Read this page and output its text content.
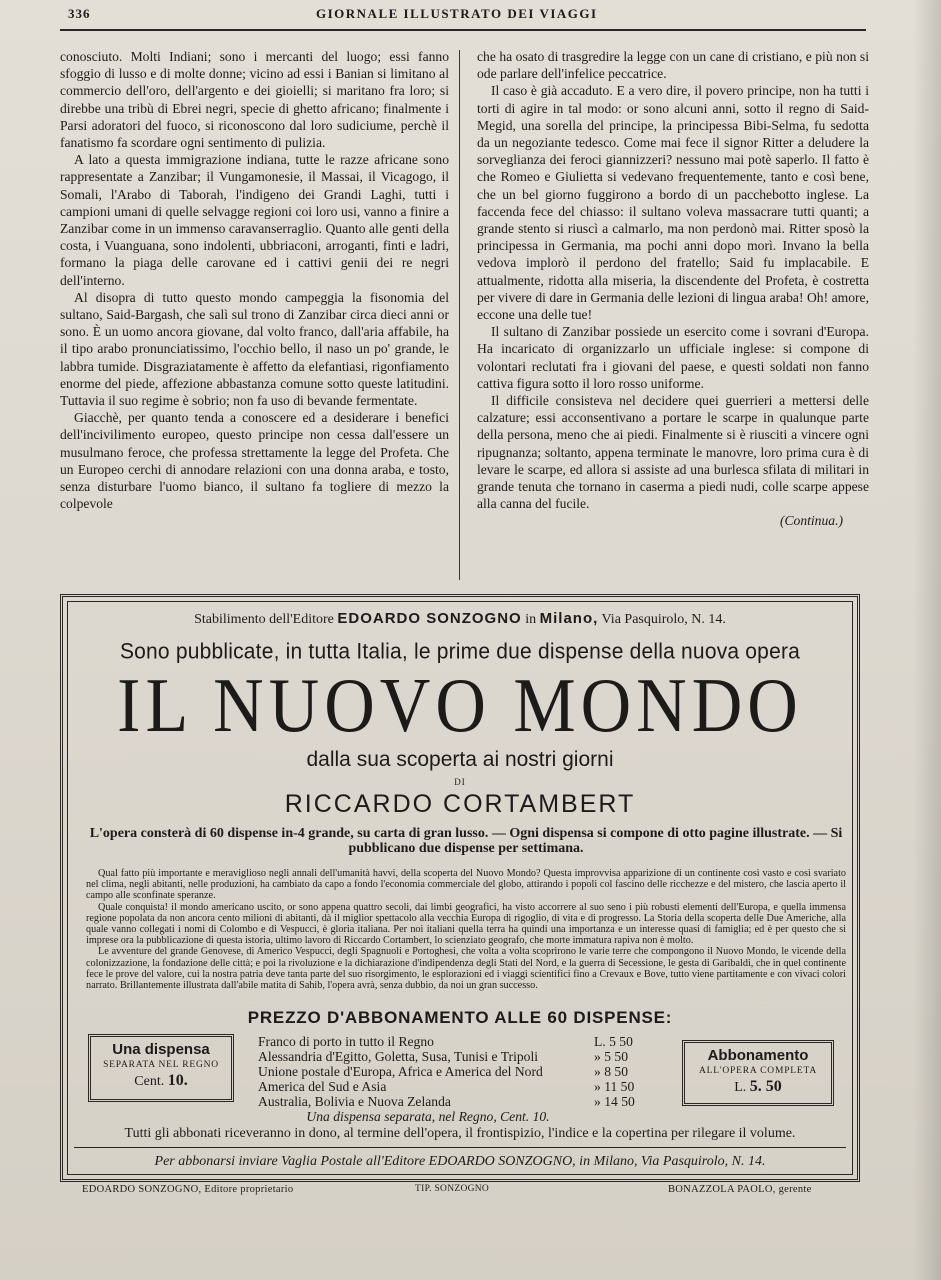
336	GIORNALE ILLUSTRATO DEI VIAGGI

conosciuto. Molti Indiani; sono i mercanti del luogo; essi fanno sfoggio di lusso e di molte donne; vicino ad essi i Banian si limitano al commercio dell'oro, dell'argento e dei gioielli; si maritano fra loro; si direbbe una tribù di Ebrei negri, specie di ghetto africano; finalmente i Parsi adoratori del fuoco, si riconoscono dal loro sudiciume, perchè il fanatismo fa scordare ogni sentimento di pulizia.

A lato a questa immigrazione indiana, tutte le razze africane sono rappresentate a Zanzibar; il Vungamonesie, il Massai, il Vicagogo, il Somali, l'Arabo di Taborah, l'indigeno dei Grandi Laghi, tutti i campioni umani di quelle selvagge regioni coi loro usi, vanno a finire a Zanzibar come in un immenso caravanserraglio. Quanto alle genti della costa, i Vuanguana, sono indolenti, ubbriaconi, arroganti, finti e ladri, formano la piaga delle carovane ed i cattivi genii dei re negri dell'interno.

Al disopra di tutto questo mondo campeggia la fisonomia del sultano, Said-Bargash, che salì sul trono di Zanzibar circa dieci anni or sono. È un uomo ancora giovane, dal volto franco, dall'aria affabile, ha il tipo arabo pronunciatissimo, l'occhio bello, il naso un po' grande, le labbra tumide. Disgraziatamente è affetto da elefantiasi, rigonfiamento enorme del piede, affezione abbastanza comune sotto queste latitudini. Tuttavia il suo regime è sobrio; non fa uso di bevande fermentate.

Giacchè, per quanto tenda a conoscere ed a desiderare i benefici dell'incivilimento europeo, questo principe non cessa dall'essere un musulmano feroce, che professa strettamente la legge del Profeta. Che un Europeo cerchi di annodare relazioni con una donna araba, e tosto, senza disturbare l'uomo bianco, il sultano fa togliere di mezzo la colpevole

che ha osato di trasgredire la legge con un cane di cristiano, e più non si ode parlare dell'infelice peccatrice.

Il caso è già accaduto. E a vero dire, il povero principe, non ha tutti i torti di agire in tal modo: or sono alcuni anni, sotto il regno di Said-Megid, una sorella del principe, la principessa Bibi-Selma, fu sedotta da un negoziante tedesco. Come mai fece il signor Ritter a deludere la sorveglianza dei feroci giannizzeri? nessuno mai potè saperlo. Il fatto è che Romeo e Giulietta si vedevano frequentemente, tanto e così bene, che un bel giorno fuggirono a bordo di un pacchebotto inglese. La faccenda fece del chiasso: il sultano voleva massacrare tutti quanti; a grande stento si riuscì a calmarlo, ma non perdonò mai. Ritter sposò la principessa in Germania, ma pochi anni dopo morì. Invano la bella vedova implorò il perdono del fratello; Said fu implacabile. E attualmente, ridotta alla miseria, la discendente del Profeta, è costretta per vivere di dare in Germania delle lezioni di lingua araba! Oh! amore, eccone una delle tue!

Il sultano di Zanzibar possiede un esercito come i sovrani d'Europa. Ha incaricato di organizzarlo un ufficiale inglese: si compone di volontari reclutati fra i giovani del paese, e questi soldati non fanno cattiva figura sotto il loro rosso uniforme.

Il difficile consisteva nel decidere quei guerrieri a mettersi delle calzature; essi acconsentivano a portare le scarpe in qualunque parte della persona, meno che ai piedi. Finalmente si è riusciti a vincere ogni ripugnanza; soltanto, appena terminate le manovre, loro prima cura è di levare le scarpe, ed allora si assiste ad una burlesca sfilata di militari in grande tenuta che tornano in caserma a piedi nudi, colle scarpe appese alla canna del fucile.

(Continua.)
Stabilimento dell'Editore EDOARDO SONZOGNO in Milano, Via Pasquirolo, N. 14.
Sono pubblicate, in tutta Italia, le prime due dispense della nuova opera
IL NUOVO MONDO
dalla sua scoperta ai nostri giorni
DI
RICCARDO CORTAMBERT
L'opera consterà di 60 dispense in-4 grande, su carta di gran lusso. — Ogni dispensa si compone di otto pagine illustrate. — Si pubblicano due dispense per settimana.

Qual fatto più importante e meraviglioso negli annali dell'umanità havvi, della scoperta del Nuovo Mondo? Questa improvvisa apparizione di un continente così vasto e così svariato nel clima, negli abitanti, nelle produzioni, ha cambiato da capo a fondo l'economia commerciale del globo, attirando i popoli col fascino delle ricchezze e del mistero, che lascia aperto il campo alle sconfinate speranze.

Quale conquista! il mondo americano uscito, or sono appena quattro secoli, dai limbi geografici, ha visto accorrere al suo seno i più robusti elementi dell'Europa, e quella immensa regione popolata da non ancora cento milioni di abitanti, dà il miglior spettacolo alla vecchia Europa di rigoglio, di vita e di progresso. La Storia della scoperta delle Due Americhe, alla quale vanno collegati i nomi di Colombo e di Vespucci, è gloria italiana. Per noi italiani quella terra ha quindi una importanza e un interesse quasi di famiglia; ed è per questo che si imprese ora la pubblicazione di questa istoria, ultimo lavoro di Riccardo Cortambert, lo scienziato geografo, che morte immatura rapiva non è molto.

Le avventure del grande Genovese, di Americo Vespucci, degli Spagnuoli e Portoghesi, che volta a volta scoprirono le varie terre che compongono il Nuovo Mondo, le vicende della colonizzazione, la fondazione delle città; e poi la rivoluzione e la dichiarazione d'indipendenza degli Stati del Nord, e la guerra di Secessione, le gesta di Garibaldi, che in quel continente fece le prove del valore, cui la nostra patria deve tanta parte del suo risorgimento, le esplorazioni ed i viaggi scientifici fino a Crevaux e Bove, tutto viene partitamente e con vivaci colori narrato. Brillantemente illustrata dall'abile matita di Sahib, l'opera avrà, senza dubbio, da noi un gran successo.

PREZZO D'ABBONAMENTO ALLE 60 DISPENSE:
Una dispensa
SEPARATA NEL REGNO
Cent. 10.
Franco di porto in tutto il Regno	L. 5 50
Alessandria d'Egitto, Goletta, Susa, Tunisi e Tripoli	» 5 50
Unione postale d'Europa, Africa e America del Nord	» 8 50
America del Sud e Asia	» 11 50
Australia, Bolivia e Nuova Zelanda	» 14 50
Una dispensa separata, nel Regno, Cent. 10.
Abbonamento
ALL'OPERA COMPLETA
L. 5. 50
Tutti gli abbonati riceveranno in dono, al termine dell'opera, il frontispizio, l'indice e la copertina per rilegare il volume.
Per abbonarsi inviare Vaglia Postale all'Editore EDOARDO SONZOGNO, in Milano, Via Pasquirolo, N. 14.
EDOARDO SONZOGNO, Editore proprietario	TIP. SONZOGNO	BONAZZOLA PAOLO, gerente
